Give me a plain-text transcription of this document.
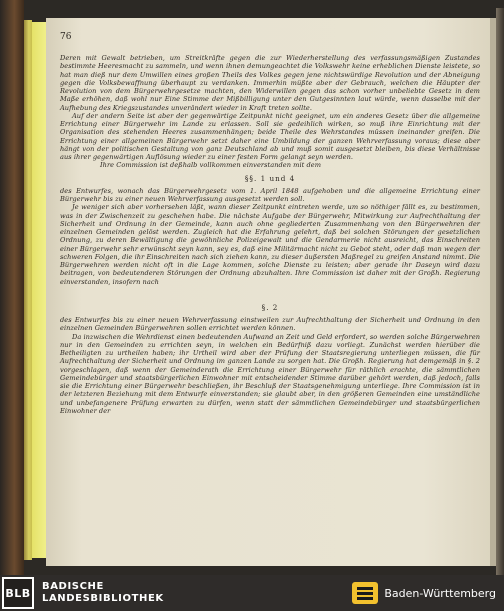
76

Deren mit Gewalt betrieben, um Streitkräfte gegen die zur Wiederherstellung des verfassungsmäßigen Zustandes bestimmte Heeresmacht zu sammeln, und wenn ihnen demungeachtet die Volkswehr keine erheblichen Dienste leistete, so hat man dieß nur dem Umwillen eines großen Theils des Volkes gegen jene nichtswürdige Revolution und der Abneigung gegen die Volksbewaffnung überhaupt zu verdanken. Immerhin müßte aber der Gebrauch, welchen die Häupter der Revolution von dem Bürgerwehrgesetze machten, den Widerwillen gegen das schon vorher unbeliebte Gesetz in dem Maße erhöhen, daß wohl nur Eine Stimme der Mißbilligung unter den Gutgesinnten laut würde, wenn dasselbe mit der Aufhebung des Kriegszustandes unverändert wieder in Kraft treten sollte.

Auf der andern Seite ist aber der gegenwärtige Zeitpunkt nicht geeignet, um ein anderes Gesetz über die allgemeine Errichtung einer Bürgerwehr im Lande zu erlassen. Soll sie gedeihlich wirken, so muß ihre Einrichtung mit der Organisation des stehenden Heeres zusammenhängen; beide Theile des Wehrstandes müssen ineinander greifen. Die Errichtung einer allgemeinen Bürgerwehr setzt daher eine Umbildung der ganzen Wehrverfassung voraus; diese aber hängt von der politischen Gestaltung von ganz Deutschland ab und muß somit ausgesetzt bleiben, bis diese Verhältnisse aus ihrer gegenwärtigen Auflösung wieder zu einer festen Form gelangt seyn werden.

Ihre Commission ist deßhalb vollkommen einverstanden mit dem

§§. 1 und 4

des Entwurfes, wonach das Bürgerwehrgesetz vom 1. April 1848 aufgehoben und die allgemeine Errichtung einer Bürgerwehr bis zu einer neuen Wehrverfassung ausgesetzt werden soll.

Je weniger sich aber vorhersehen läßt, wann dieser Zeitpunkt eintreten werde, um so nöthiger fällt es, zu bestimmen, was in der Zwischenzeit zu geschehen habe. Die nächste Aufgabe der Bürgerwehr, Mitwirkung zur Aufrechthaltung der Sicherheit und Ordnung in der Gemeinde, kann auch ohne gegliederten Zusammenhang von den Bürgerwehren der einzelnen Gemeinden gelöst werden. Zugleich hat die Erfahrung gelehrt, daß bei solchen Störungen der gesetzlichen Ordnung, zu deren Bewältigung die gewöhnliche Polizeigewalt und die Gendarmerie nicht ausreicht, das Einschreiten einer Bürgerwehr sehr erwünscht seyn kann, sey es, daß eine Militärmacht nicht zu Gebot steht, oder daß man wegen der schweren Folgen, die ihr Einschreiten nach sich ziehen kann, zu dieser äußersten Maßregel zu greifen Anstand nimmt. Die Bürgerwehren werden nicht oft in die Lage kommen, solche Dienste zu leisten; aber gerade ihr Daseyn wird dazu beitragen, von bedeutenderen Störungen der Ordnung abzuhalten. Ihre Commission ist daher mit der Großh. Regierung einverstanden, insofern nach

§. 2

des Entwurfes bis zu einer neuen Wehrverfassung einstweilen zur Aufrechthaltung der Sicherheit und Ordnung in den einzelnen Gemeinden Bürgerwehren sollen errichtet werden können.

Da inzwischen die Wehrdienst einen bedeutenden Aufwand an Zeit und Geld erfordert, so werden solche Bürgerwehren nur in den Gemeinden zu errichten seyn, in welchen ein Bedürfniß dazu vorliegt. Zunächst werden hierüber die Betheiligten zu urtheilen haben; ihr Urtheil wird aber der Prüfung der Staatsregierung unterliegen müssen, die für Aufrechthaltung der Sicherheit und Ordnung im ganzen Lande zu sorgen hat. Die Großh. Regierung hat demgemäß in §. 2 vorgeschlagen, daß wenn der Gemeinderath die Errichtung einer Bürgerwehr für räthlich erachte, die sämmtlichen Gemeindebürger und staatsbürgerlichen Einwohner mit entscheidender Stimme darüber gehört werden, daß jedoch, falls sie die Errichtung einer Bürgerwehr beschließen, ihr Beschluß der Staatsgenehmigung unterliege. Ihre Commission ist in der letzteren Beziehung mit dem Entwurfe einverstanden; sie glaubt aber, in den größeren Gemeinden eine umständliche und unbefangenere Prüfung erwarten zu dürfen, wenn statt der sämmtlichen Gemeindebürger und staatsbürgerlichen Einwohner der

BLB	BADISCHE
LANDESBIBLIOTHEK	Baden-Württemberg
